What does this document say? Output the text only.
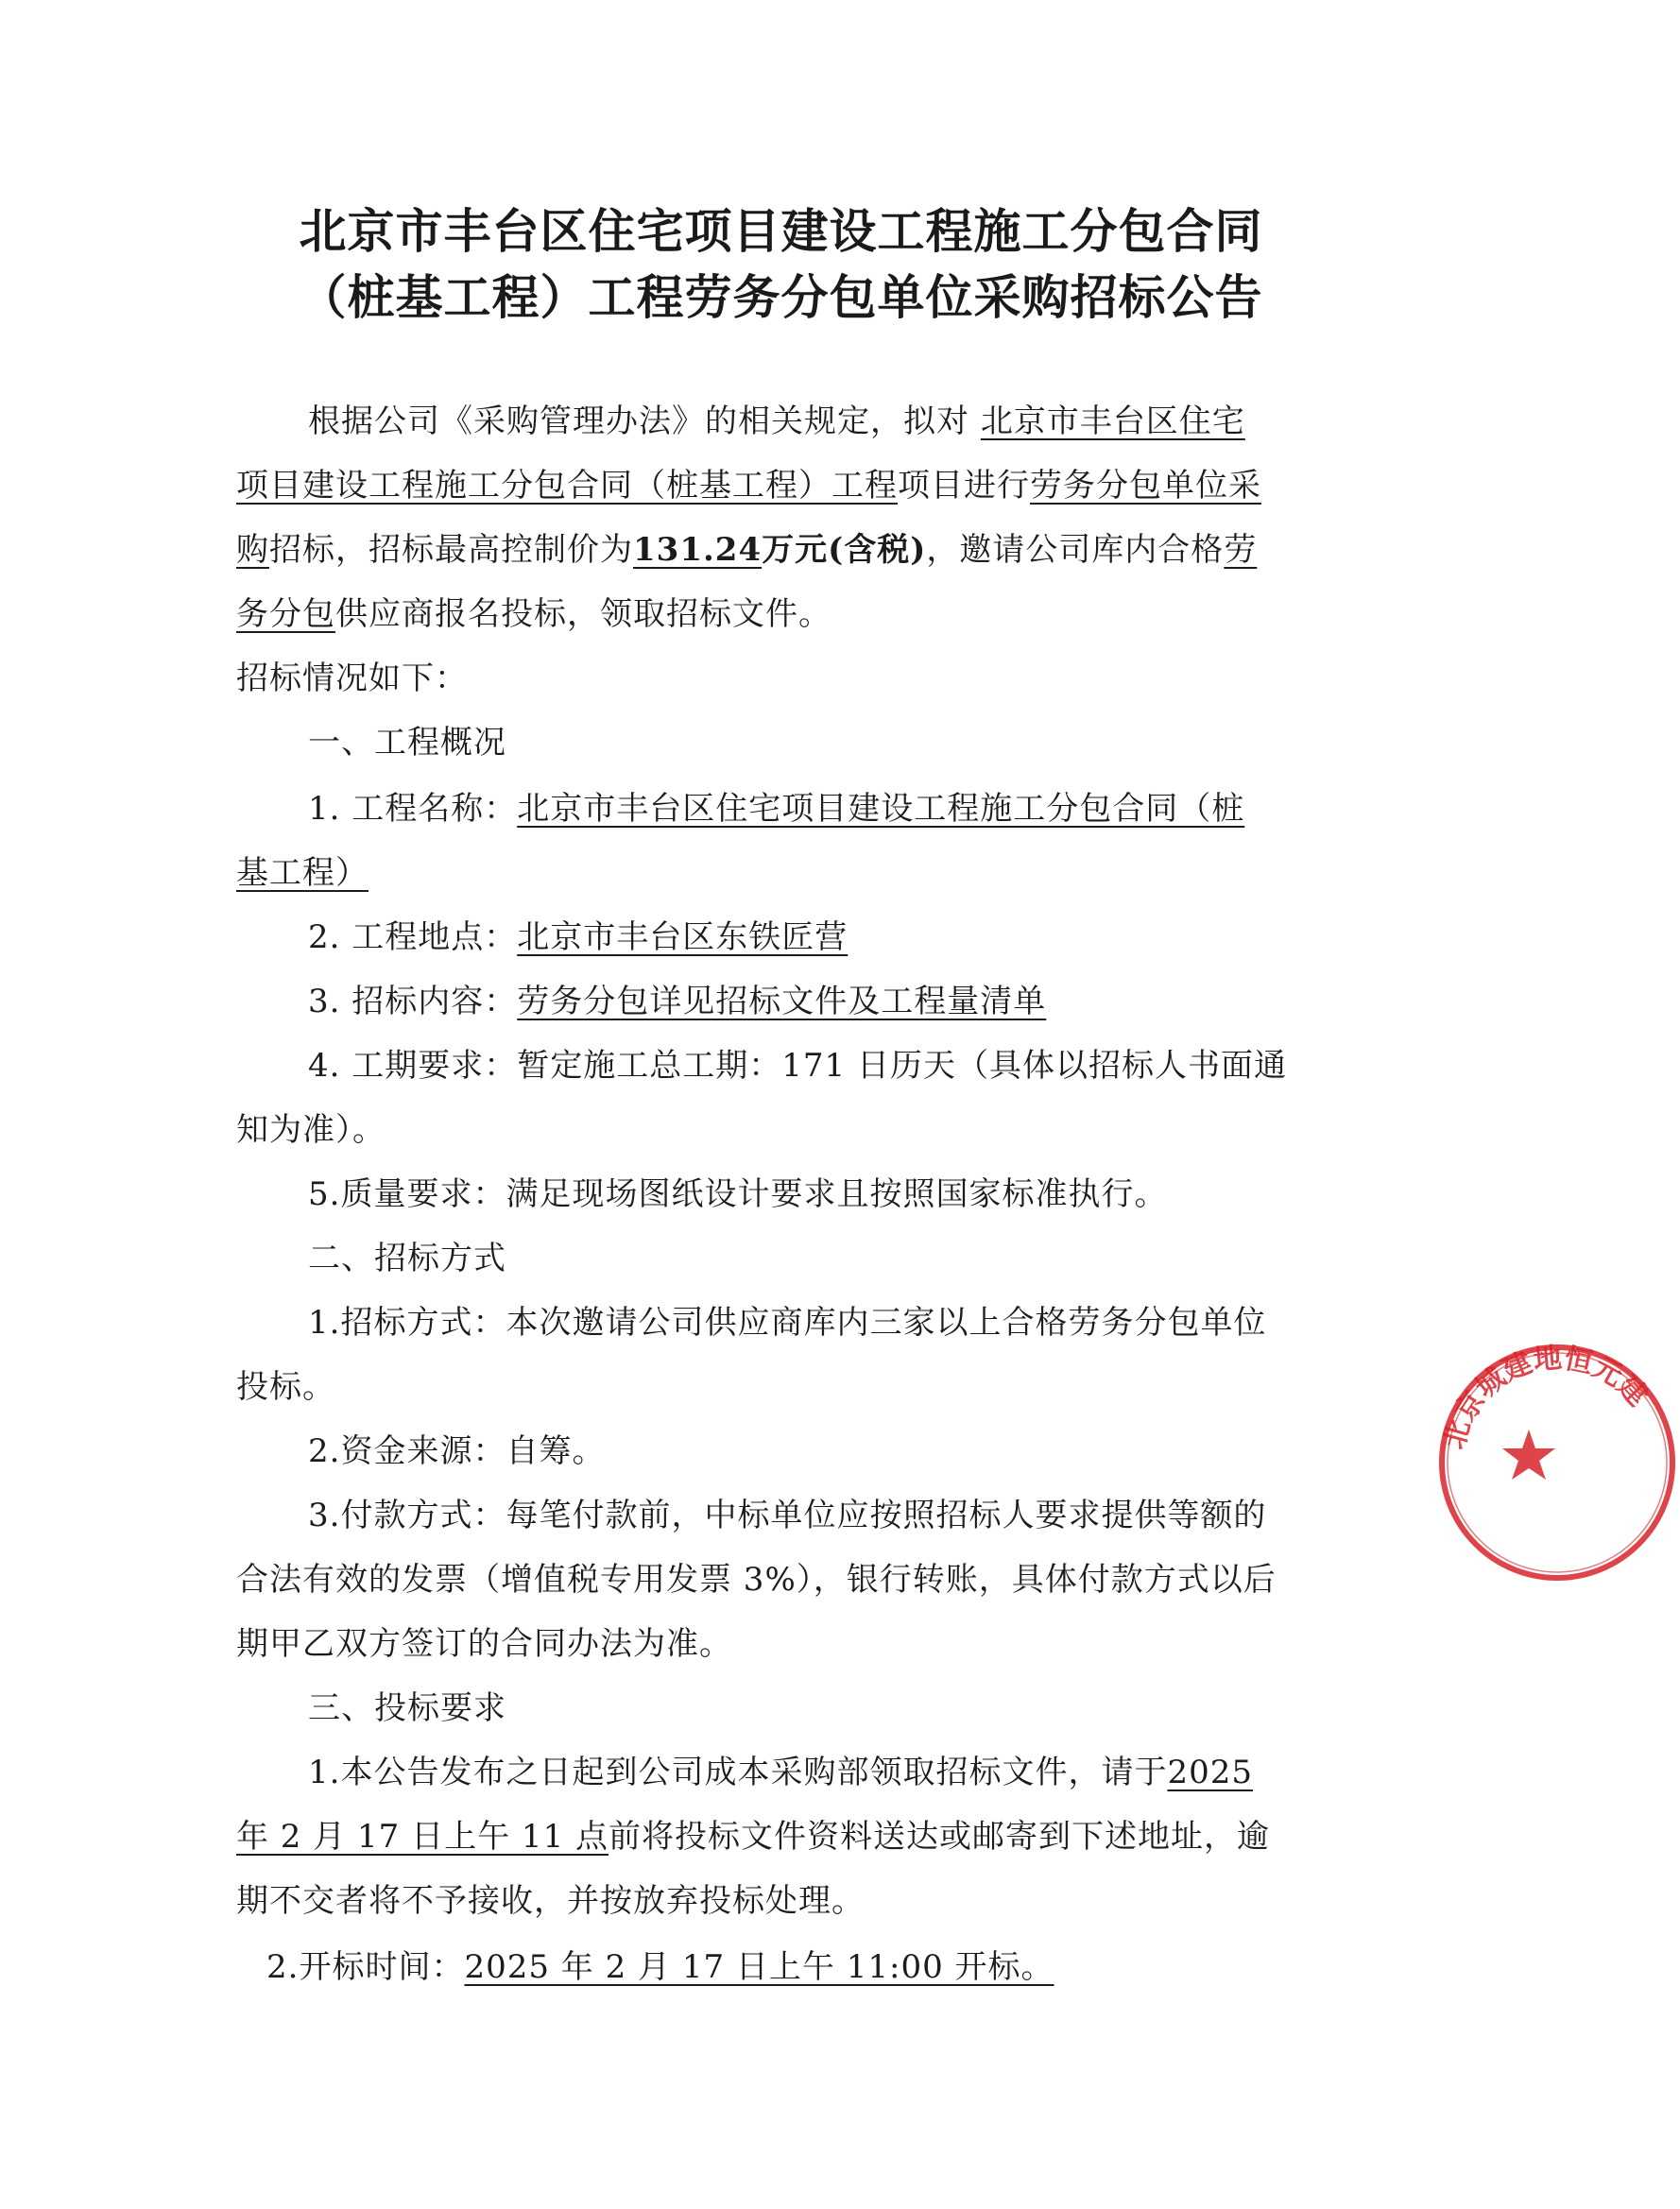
北京市丰台区住宅项目建设工程施工分包合同
（桩基工程）工程劳务分包单位采购招标公告
根据公司《采购管理办法》的相关规定，拟对 北京市丰台区住宅
项目建设工程施工分包合同（桩基工程）工程项目进行劳务分包单位采
购招标，招标最高控制价为131.24万元(含税)，邀请公司库内合格劳
务分包供应商报名投标，领取招标文件。
招标情况如下：
一、工程概况
1. 工程名称：北京市丰台区住宅项目建设工程施工分包合同（桩
基工程）
2. 工程地点：北京市丰台区东铁匠营
3. 招标内容：劳务分包详见招标文件及工程量清单
4. 工期要求：暂定施工总工期：171 日历天（具体以招标人书面通
知为准）。
5.质量要求：满足现场图纸设计要求且按照国家标准执行。
二、招标方式
1.招标方式：本次邀请公司供应商库内三家以上合格劳务分包单位
投标。
2.资金来源：自筹。
3.付款方式：每笔付款前，中标单位应按照招标人要求提供等额的
合法有效的发票（增值税专用发票 3%），银行转账，具体付款方式以后
期甲乙双方签订的合同办法为准。
三、投标要求
1.本公告发布之日起到公司成本采购部领取招标文件，请于2025
年 2 月 17 日上午 11 点前将投标文件资料送达或邮寄到下述地址，逾
期不交者将不予接收，并按放弃投标处理。
2.开标时间：2025 年 2 月 17 日上午 11:00 开标。
北京城建地恒元建
